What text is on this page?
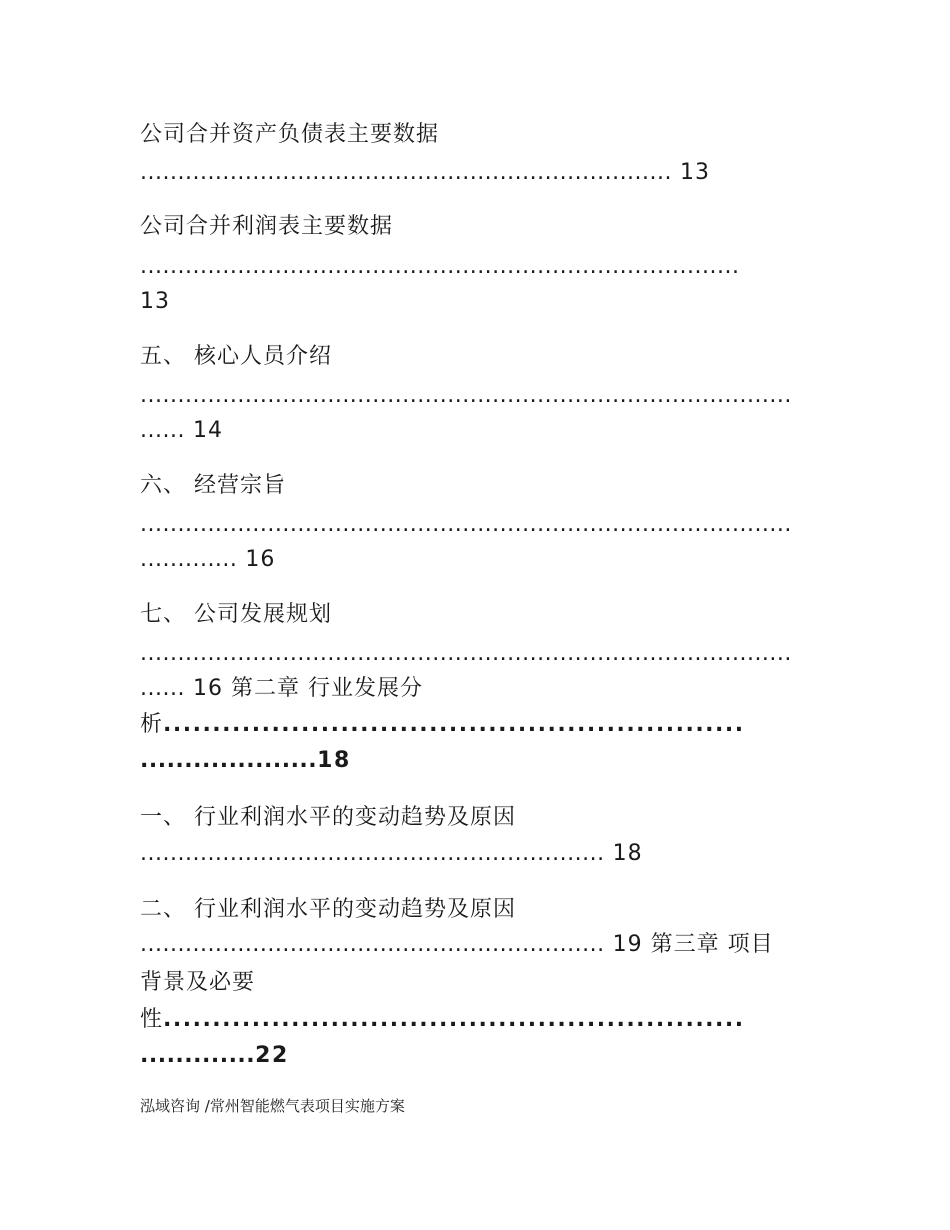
公司合并资产负债表主要数据
....................................................................... 13
公司合并利润表主要数据
................................................................................
13
五、 核心人员介绍
.......................................................................................
...... 14
六、 经营宗旨
.......................................................................................
............. 16
七、 公司发展规划
.......................................................................................
...... 16 第二章 行业发展分
析...........................................................
....................18
一、 行业利润水平的变动趋势及原因
.............................................................. 18
二、 行业利润水平的变动趋势及原因
.............................................................. 19 第三章 项目
背景及必要
性...........................................................
.............22
泓域咨询 /常州智能燃气表项目实施方案
